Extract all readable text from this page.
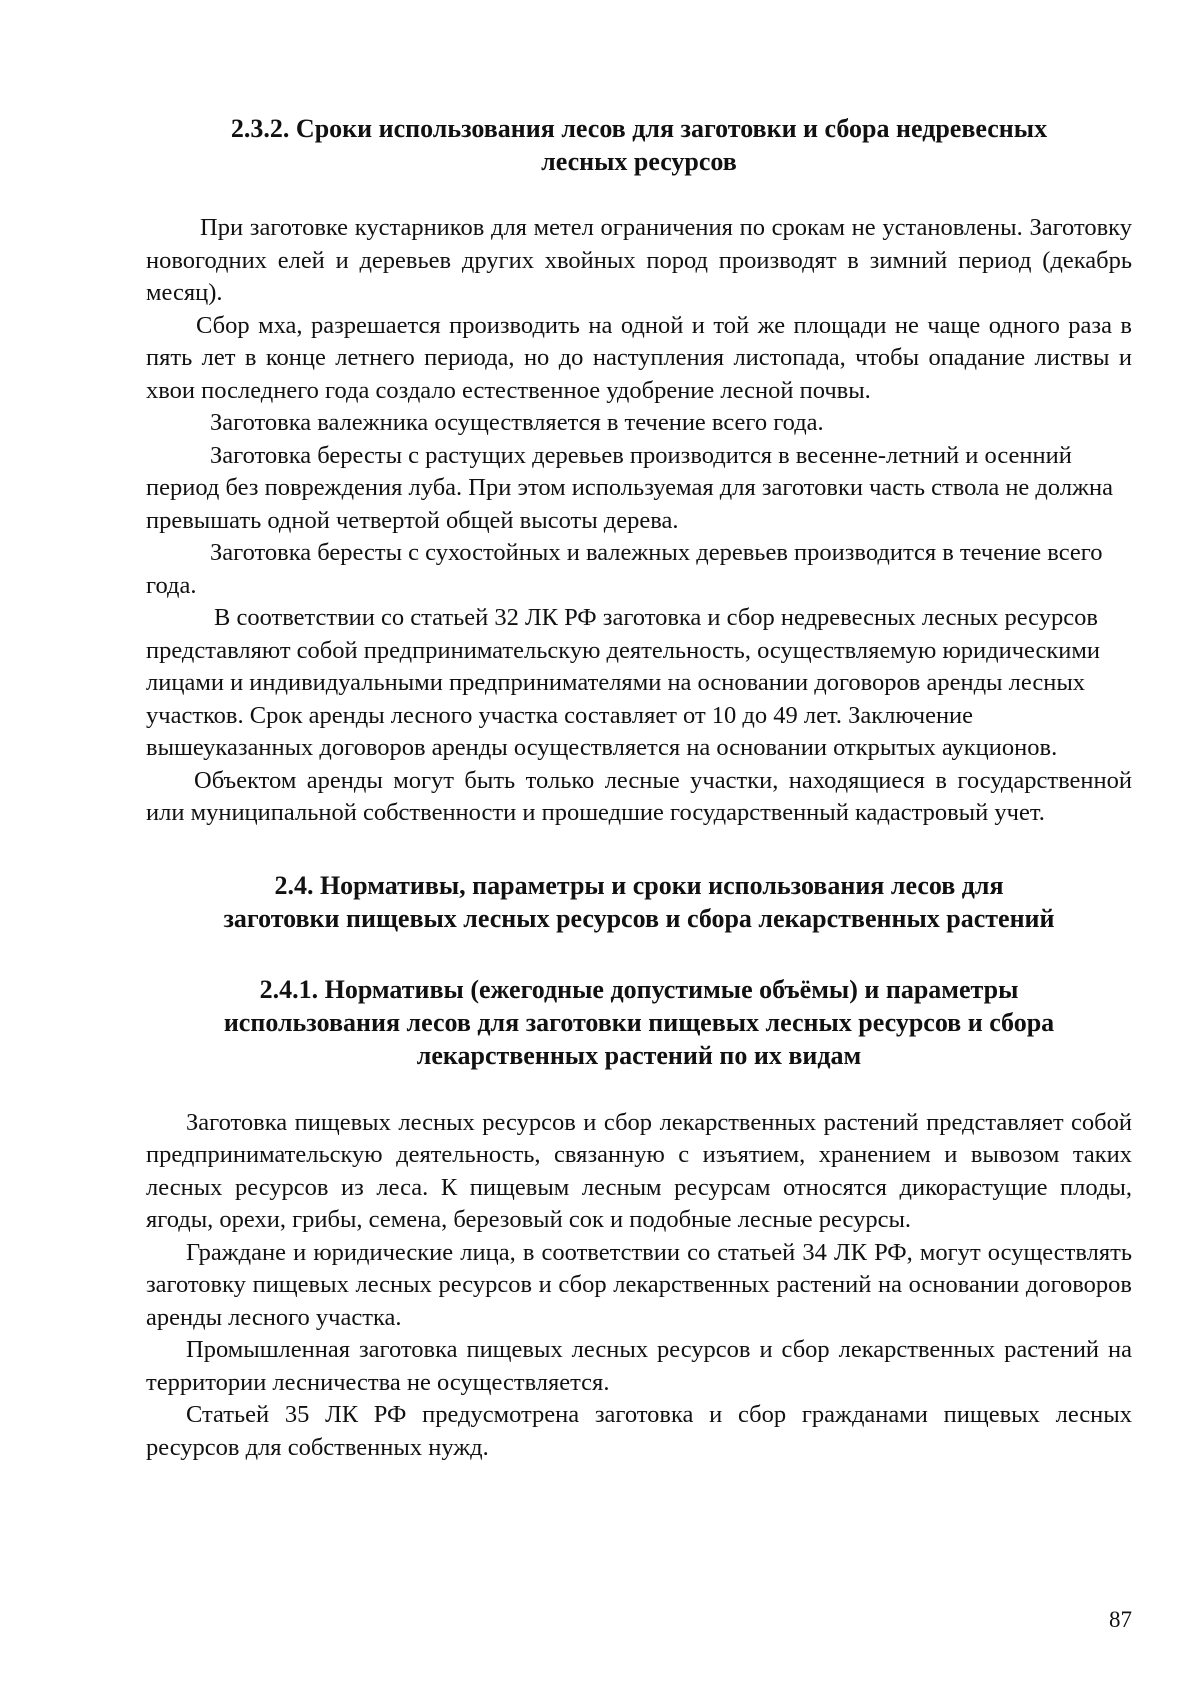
2.3.2. Сроки использования лесов для заготовки и сбора недревесных
лесных ресурсов

При заготовке кустарников для метел ограничения по срокам не установлены. Заготовку новогодних елей и деревьев других хвойных пород производят в зимний период (декабрь месяц).

Сбор мха, разрешается производить на одной и той же площади не чаще одного раза в пять лет в конце летнего периода, но до наступления листопада, чтобы опадание листвы и хвои последнего года создало естественное удобрение лесной почвы.

Заготовка валежника осуществляется в течение всего года.

Заготовка бересты с растущих деревьев производится в весенне-летний и осенний период без повреждения луба. При этом используемая для заготовки часть ствола не должна превышать одной четвертой общей высоты дерева.

Заготовка бересты с сухостойных и валежных деревьев производится в течение всего года.

В соответствии со статьей 32 ЛК РФ заготовка и сбор недревесных лесных ресурсов представляют собой предпринимательскую деятельность, осуществляемую юридическими лицами и индивидуальными предпринимателями на основании договоров аренды лесных участков. Срок аренды лесного участка составляет от 10 до 49 лет. Заключение вышеуказанных договоров аренды осуществляется на основании открытых аукционов.

Объектом аренды могут быть только лесные участки, находящиеся в государственной или муниципальной собственности и прошедшие государственный кадастровый учет.

2.4. Нормативы, параметры и сроки использования лесов для
заготовки пищевых лесных ресурсов и сбора лекарственных растений
2.4.1. Нормативы (ежегодные допустимые объёмы) и параметры
использования лесов для заготовки пищевых лесных ресурсов и сбора
лекарственных растений по их видам

Заготовка пищевых лесных ресурсов и сбор лекарственных растений представляет собой предпринимательскую деятельность, связанную с изъятием, хранением и вывозом таких лесных ресурсов из леса. К пищевым лесным ресурсам относятся дикорастущие плоды, ягоды, орехи, грибы, семена, березовый сок и подобные лесные ресурсы.

Граждане и юридические лица, в соответствии со статьей 34 ЛК РФ, могут осуществлять заготовку пищевых лесных ресурсов и сбор лекарственных растений на основании договоров аренды лесного участка.

Промышленная заготовка пищевых лесных ресурсов и сбор лекарственных растений на территории лесничества не осуществляется.

Статьей 35 ЛК РФ предусмотрена заготовка и сбор гражданами пищевых лесных ресурсов для собственных нужд.

87
